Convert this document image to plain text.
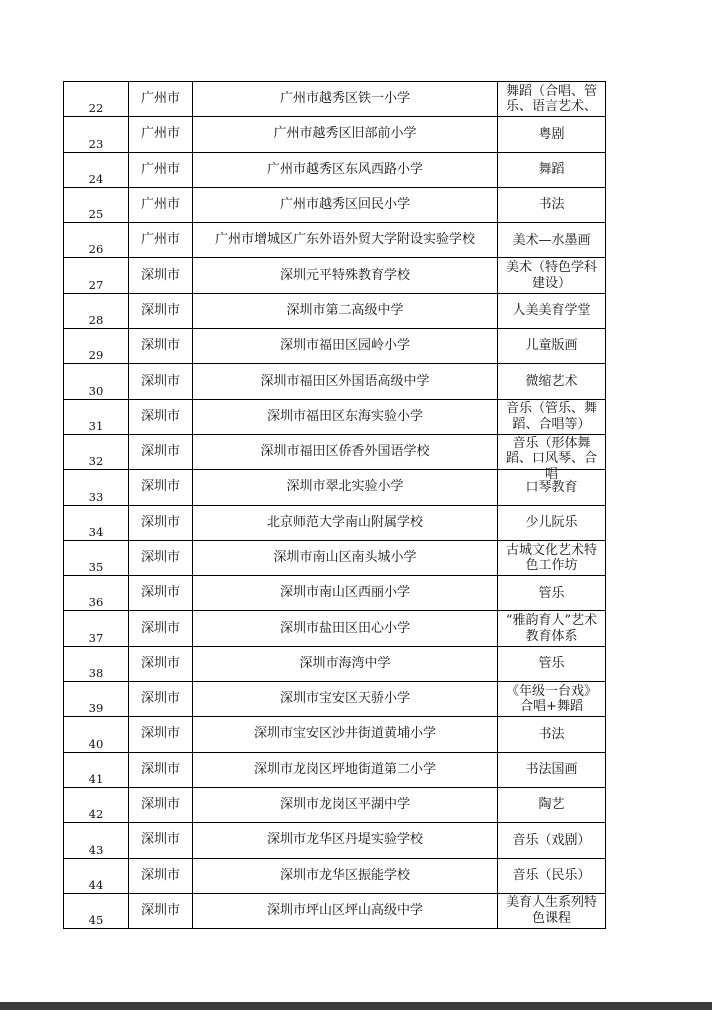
22	广州市	广州市越秀区铁一小学	舞蹈（合唱、管乐、语言艺术、

23	广州市	广州市越秀区旧部前小学	粤剧

24	广州市	广州市越秀区东风西路小学	舞蹈

25	广州市	广州市越秀区回民小学	书法

26	广州市	广州市增城区广东外语外贸大学附设实验学校	美术—水墨画

27	深圳市	深圳元平特殊教育学校	美术（特色学科建设）

28	深圳市	深圳市第二高级中学	人美美育学堂

29	深圳市	深圳市福田区园岭小学	儿童版画

30	深圳市	深圳市福田区外国语高级中学	微缩艺术

31	深圳市	深圳市福田区东海实验小学	音乐（管乐、舞蹈、合唱等）

32	深圳市	深圳市福田区侨香外国语学校	音乐（形体舞蹈、口风琴、合唱

33	深圳市	深圳市翠北实验小学	口琴教育

34	深圳市	北京师范大学南山附属学校	少儿阮乐

35	深圳市	深圳市南山区南头城小学	古城文化艺术特色工作坊

36	深圳市	深圳市南山区西丽小学	管乐

37	深圳市	深圳市盐田区田心小学	“雅韵育人”艺术教育体系

38	深圳市	深圳市海湾中学	管乐

39	深圳市	深圳市宝安区天骄小学	《年级一台戏》合唱+舞蹈

40	深圳市	深圳市宝安区沙井街道黄埔小学	书法

41	深圳市	深圳市龙岗区坪地街道第二小学	书法国画

42	深圳市	深圳市龙岗区平湖中学	陶艺

43	深圳市	深圳市龙华区丹堤实验学校	音乐（戏剧）

44	深圳市	深圳市龙华区振能学校	音乐（民乐）

45	深圳市	深圳市坪山区坪山高级中学	美育人生系列特色课程
